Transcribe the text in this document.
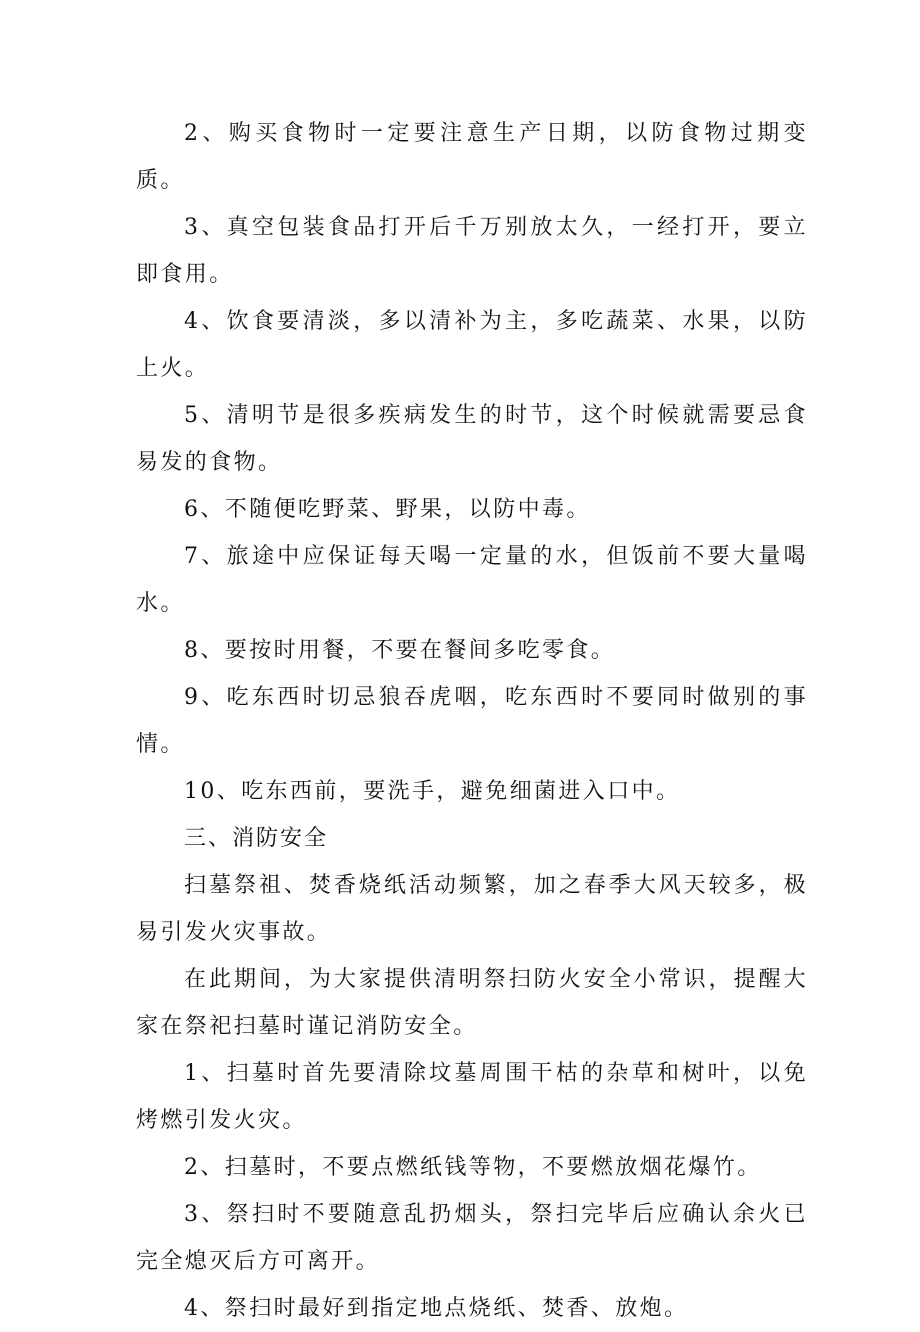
2、购买食物时一定要注意生产日期，以防食物过期变质。

3、真空包装食品打开后千万别放太久，一经打开，要立即食用。

4、饮食要清淡，多以清补为主，多吃蔬菜、水果，以防上火。

5、清明节是很多疾病发生的时节，这个时候就需要忌食易发的食物。

6、不随便吃野菜、野果，以防中毒。

7、旅途中应保证每天喝一定量的水，但饭前不要大量喝水。

8、要按时用餐，不要在餐间多吃零食。

9、吃东西时切忌狼吞虎咽，吃东西时不要同时做别的事情。

10、吃东西前，要洗手，避免细菌进入口中。

三、消防安全

扫墓祭祖、焚香烧纸活动频繁，加之春季大风天较多，极易引发火灾事故。

在此期间，为大家提供清明祭扫防火安全小常识，提醒大家在祭祀扫墓时谨记消防安全。

1、扫墓时首先要清除坟墓周围干枯的杂草和树叶，以免烤燃引发火灾。

2、扫墓时，不要点燃纸钱等物，不要燃放烟花爆竹。

3、祭扫时不要随意乱扔烟头，祭扫完毕后应确认余火已完全熄灭后方可离开。

4、祭扫时最好到指定地点烧纸、焚香、放炮。
